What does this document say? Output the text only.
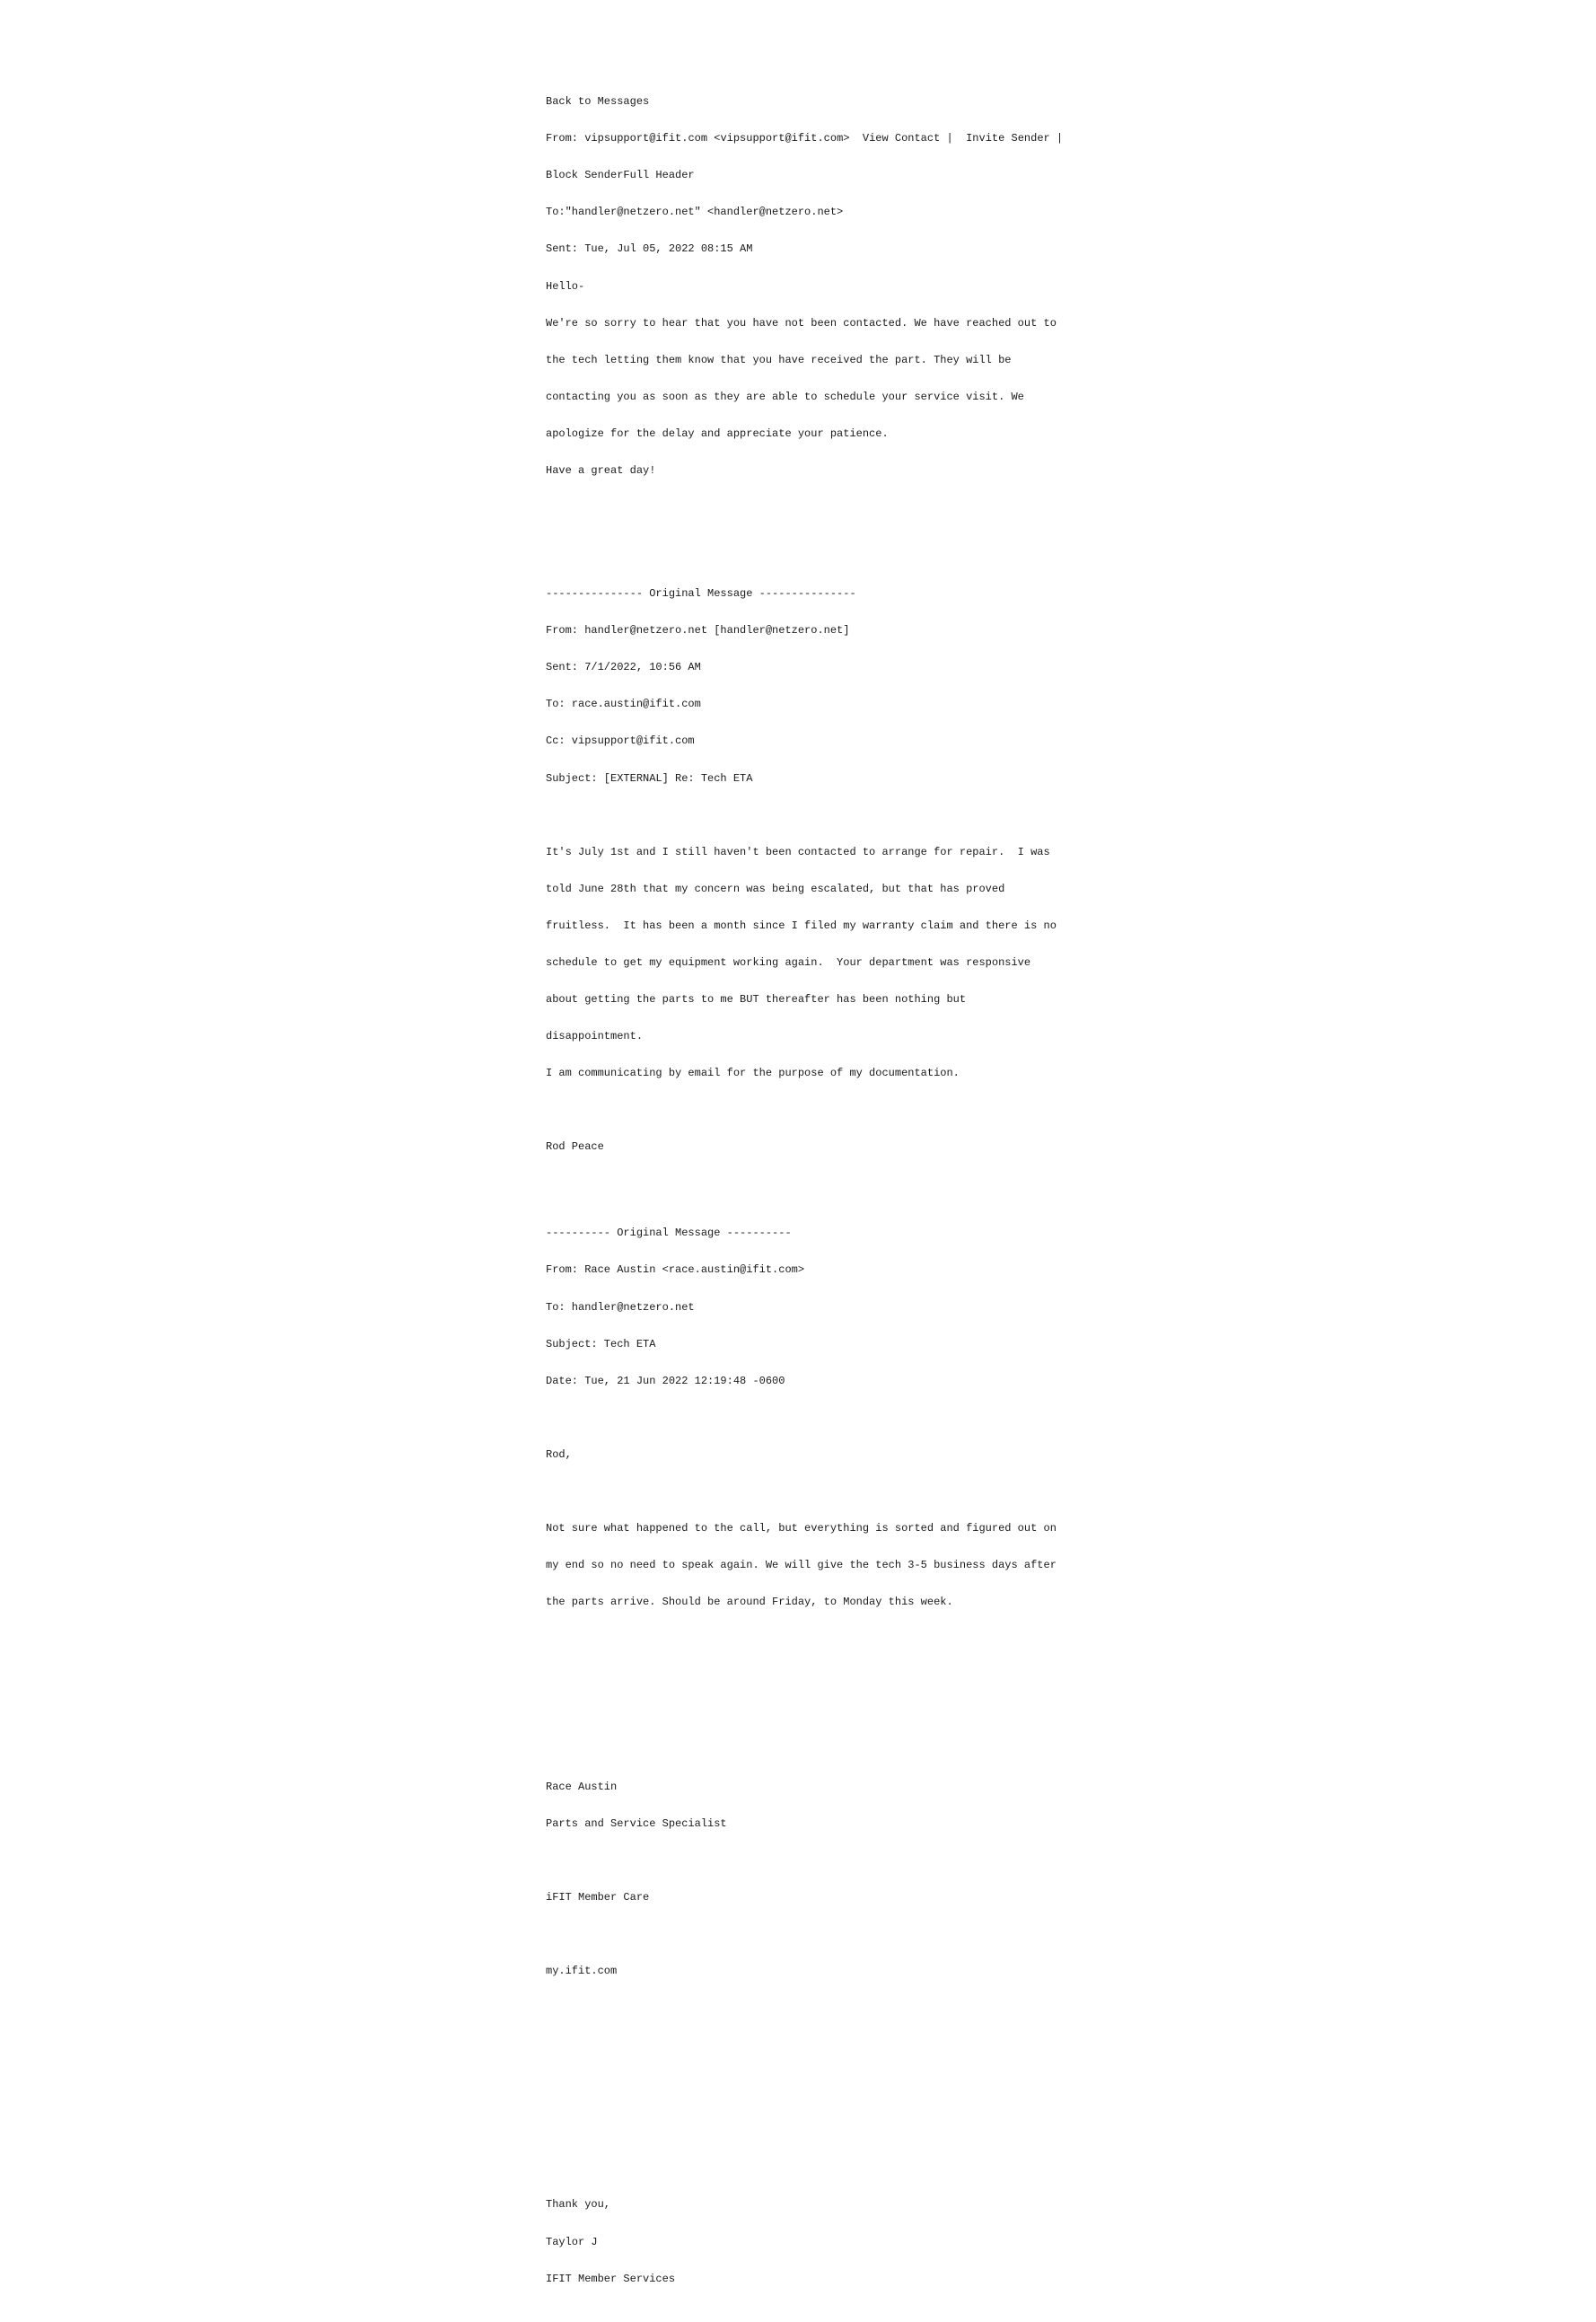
Back to Messages

From: vipsupport@ifit.com <vipsupport@ifit.com> View Contact |  Invite Sender |

Block SenderFull Header

To:"handler@netzero.net" <handler@netzero.net>

Sent: Tue, Jul 05, 2022 08:15 AM

Hello-

We're so sorry to hear that you have not been contacted. We have reached out to

the tech letting them know that you have received the part. They will be

contacting you as soon as they are able to schedule your service visit. We

apologize for the delay and appreciate your patience.

Have a great day!

--------------- Original Message ---------------

From: handler@netzero.net [handler@netzero.net]

Sent: 7/1/2022, 10:56 AM

To: race.austin@ifit.com

Cc: vipsupport@ifit.com

Subject: [EXTERNAL] Re: Tech ETA

It's July 1st and I still haven't been contacted to arrange for repair.  I was

told June 28th that my concern was being escalated, but that has proved

fruitless.  It has been a month since I filed my warranty claim and there is no

schedule to get my equipment working again.  Your department was responsive

about getting the parts to me BUT thereafter has been nothing but

disappointment.

I am communicating by email for the purpose of my documentation.

Rod Peace

---------- Original Message ----------

From: Race Austin <race.austin@ifit.com>

To: handler@netzero.net

Subject: Tech ETA

Date: Tue, 21 Jun 2022 12:19:48 -0600

Rod,

Not sure what happened to the call, but everything is sorted and figured out on

my end so no need to speak again. We will give the tech 3-5 business days after

the parts arrive. Should be around Friday, to Monday this week.

Race Austin

Parts and Service Specialist

iFIT Member Care

my.ifit.com

Thank you,

Taylor J

IFIT Member Services
